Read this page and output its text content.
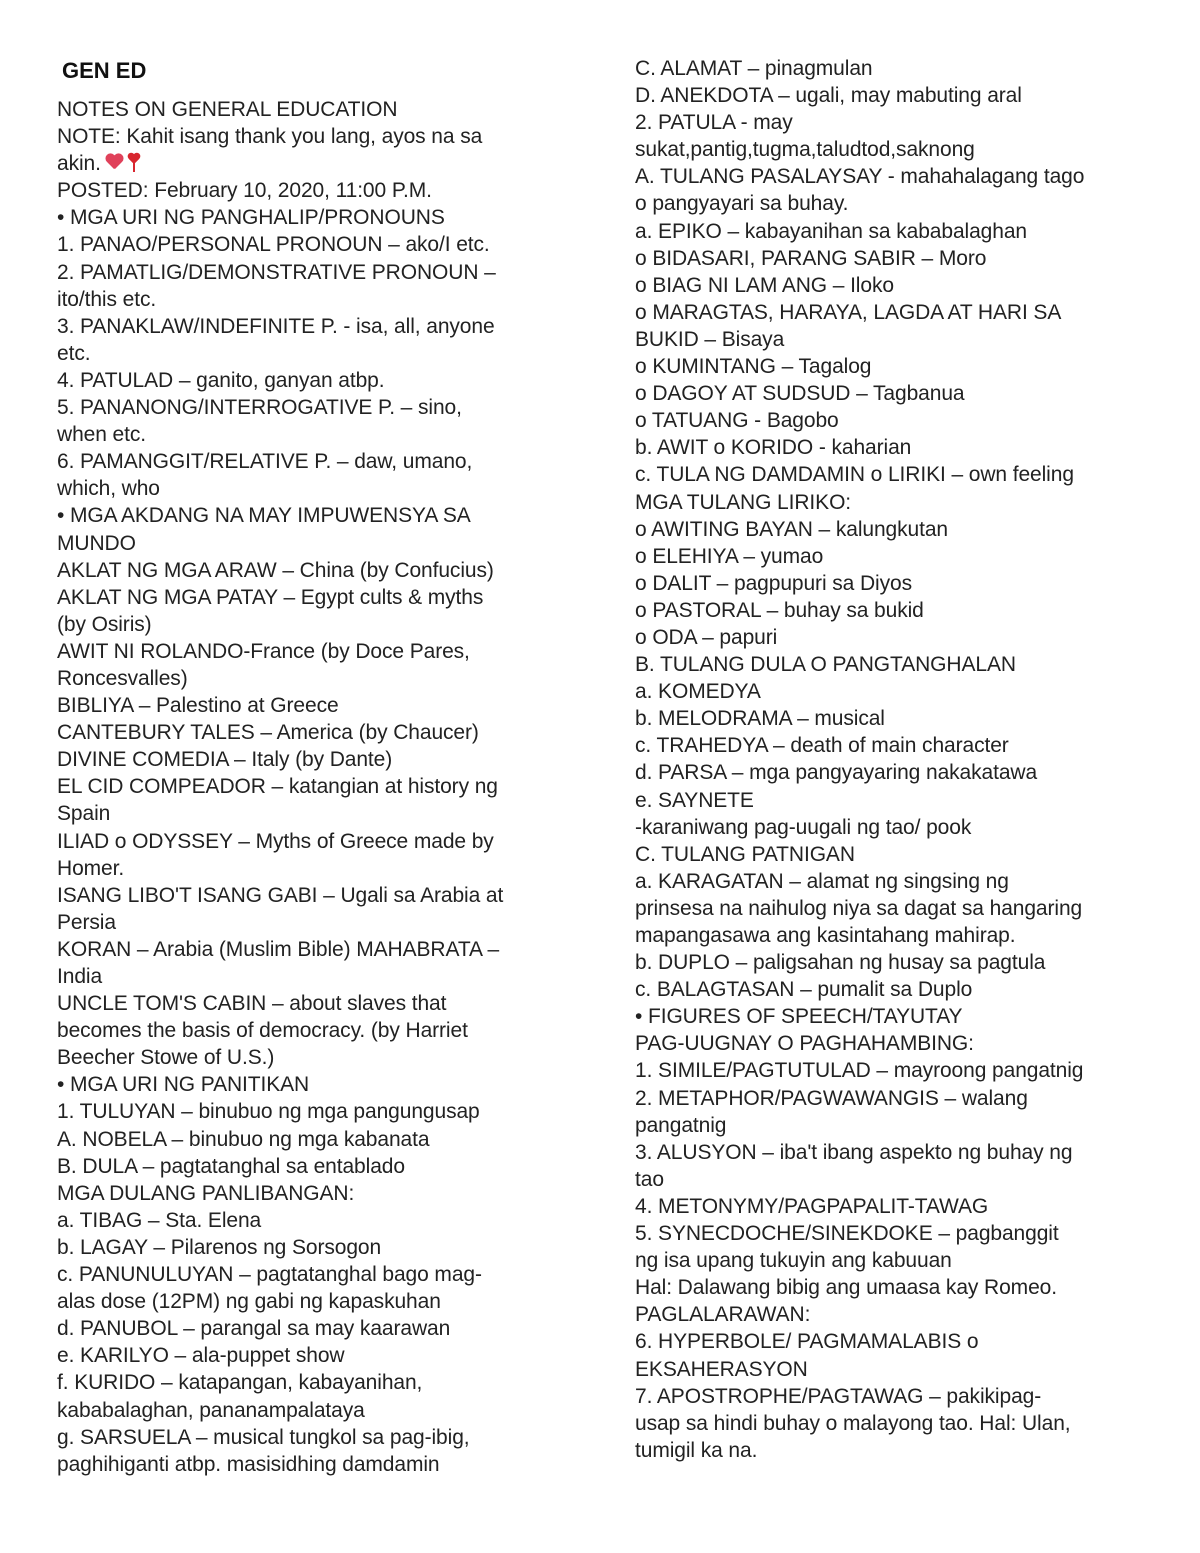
GEN ED
NOTES ON GENERAL EDUCATION
NOTE: Kahit isang thank you lang, ayos na sa
akin.
POSTED: February 10, 2020, 11:00 P.M.
• MGA URI NG PANGHALIP/PRONOUNS
1. PANAO/PERSONAL PRONOUN – ako/I etc.
2. PAMATLIG/DEMONSTRATIVE PRONOUN –
ito/this etc.
3. PANAKLAW/INDEFINITE P. - isa, all, anyone
etc.
4. PATULAD – ganito, ganyan atbp.
5. PANANONG/INTERROGATIVE P. – sino,
when etc.
6. PAMANGGIT/RELATIVE P. – daw, umano,
which, who
• MGA AKDANG NA MAY IMPUWENSYA SA
MUNDO
AKLAT NG MGA ARAW – China (by Confucius)
AKLAT NG MGA PATAY – Egypt cults & myths
(by Osiris)
AWIT NI ROLANDO-France (by Doce Pares,
Roncesvalles)
BIBLIYA – Palestino at Greece
CANTEBURY TALES – America (by Chaucer)
DIVINE COMEDIA – Italy (by Dante)
EL CID COMPEADOR – katangian at history ng
Spain
ILIAD o ODYSSEY – Myths of Greece made by
Homer.
ISANG LIBO'T ISANG GABI – Ugali sa Arabia at
Persia
KORAN – Arabia (Muslim Bible) MAHABRATA –
India
UNCLE TOM'S CABIN – about slaves that
becomes the basis of democracy. (by Harriet
Beecher Stowe of U.S.)
• MGA URI NG PANITIKAN
1. TULUYAN – binubuo ng mga pangungusap
A. NOBELA – binubuo ng mga kabanata
B. DULA – pagtatanghal sa entablado
MGA DULANG PANLIBANGAN:
a. TIBAG – Sta. Elena
b. LAGAY – Pilarenos ng Sorsogon
c. PANUNULUYAN – pagtatanghal bago mag-
alas dose (12PM) ng gabi ng kapaskuhan
d. PANUBOL – parangal sa may kaarawan
e. KARILYO – ala-puppet show
f. KURIDO – katapangan, kabayanihan,
kababalaghan, pananampalataya
g. SARSUELA – musical tungkol sa pag-ibig,
paghihiganti atbp. masisidhing damdamin
C. ALAMAT – pinagmulan
D. ANEKDOTA – ugali, may mabuting aral
2. PATULA - may
sukat,pantig,tugma,taludtod,saknong
A. TULANG PASALAYSAY - mahahalagang tago
o pangyayari sa buhay.
a. EPIKO – kabayanihan sa kababalaghan
o BIDASARI, PARANG SABIR – Moro
o BIAG NI LAM ANG – Iloko
o MARAGTAS, HARAYA, LAGDA AT HARI SA
BUKID – Bisaya
o KUMINTANG – Tagalog
o DAGOY AT SUDSUD – Tagbanua
o TATUANG - Bagobo
b. AWIT o KORIDO - kaharian
c. TULA NG DAMDAMIN o LIRIKI – own feeling
MGA TULANG LIRIKO:
o AWITING BAYAN – kalungkutan
o ELEHIYA – yumao
o DALIT – pagpupuri sa Diyos
o PASTORAL – buhay sa bukid
o ODA – papuri
B. TULANG DULA O PANGTANGHALAN
a. KOMEDYA
b. MELODRAMA – musical
c. TRAHEDYA – death of main character
d. PARSA – mga pangyayaring nakakatawa
e. SAYNETE
-karaniwang pag-uugali ng tao/ pook
C. TULANG PATNIGAN
a. KARAGATAN – alamat ng singsing ng
prinsesa na naihulog niya sa dagat sa hangaring
mapangasawa ang kasintahang mahirap.
b. DUPLO – paligsahan ng husay sa pagtula
c. BALAGTASAN – pumalit sa Duplo
• FIGURES OF SPEECH/TAYUTAY
PAG-UUGNAY O PAGHAHAMBING:
1. SIMILE/PAGTUTULAD – mayroong pangatnig
2. METAPHOR/PAGWAWANGIS – walang
pangatnig
3. ALUSYON – iba't ibang aspekto ng buhay ng
tao
4. METONYMY/PAGPAPALIT-TAWAG
5. SYNECDOCHE/SINEKDOKE – pagbanggit
ng isa upang tukuyin ang kabuuan
Hal: Dalawang bibig ang umaasa kay Romeo.
PAGLALARAWAN:
6. HYPERBOLE/ PAGMAMALABIS o
EKSAHERASYON
7. APOSTROPHE/PAGTAWAG – pakikipag-
usap sa hindi buhay o malayong tao. Hal: Ulan,
tumigil ka na.
